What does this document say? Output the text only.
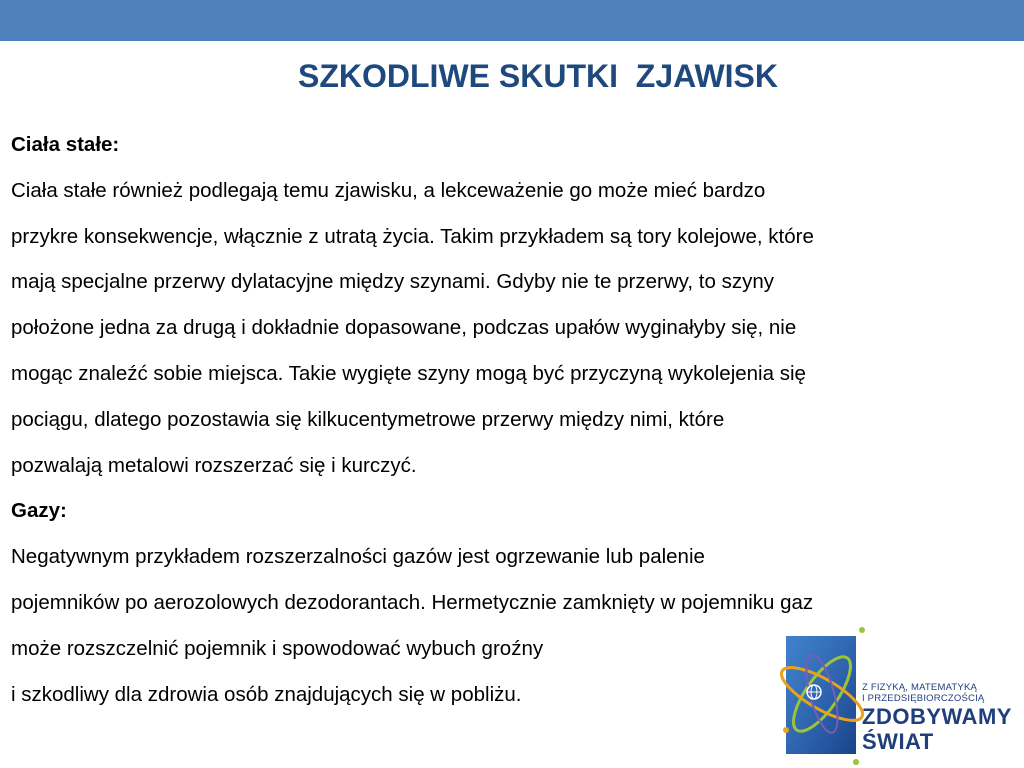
SZKODLIWE SKUTKI  ZJAWISK

Ciała stałe:

Ciała stałe również podlegają temu zjawisku, a lekceważenie go może mieć bardzo

przykre konsekwencje, włącznie z utratą życia. Takim przykładem są tory kolejowe, które

mają specjalne przerwy dylatacyjne między szynami. Gdyby nie te przerwy, to szyny

położone jedna za drugą i dokładnie dopasowane, podczas upałów wyginałyby się, nie

mogąc znaleźć sobie miejsca. Takie wygięte szyny mogą być przyczyną wykolejenia się

pociągu, dlatego pozostawia się kilkucentymetrowe przerwy między nimi, które

pozwalają metalowi rozszerzać się i kurczyć.

Gazy:

Negatywnym przykładem rozszerzalności gazów jest ogrzewanie lub palenie

pojemników po aerozolowych dezodorantach. Hermetycznie zamknięty w pojemniku gaz

może rozszczelnić pojemnik i spowodować wybuch groźny

i szkodliwy dla zdrowia osób znajdujących się w pobliżu.	Z FIZYKĄ, MATEMATYKĄ
I PRZEDSIĘBIORCZOŚCIĄ
ZDOBYWAMY
ŚWIAT
